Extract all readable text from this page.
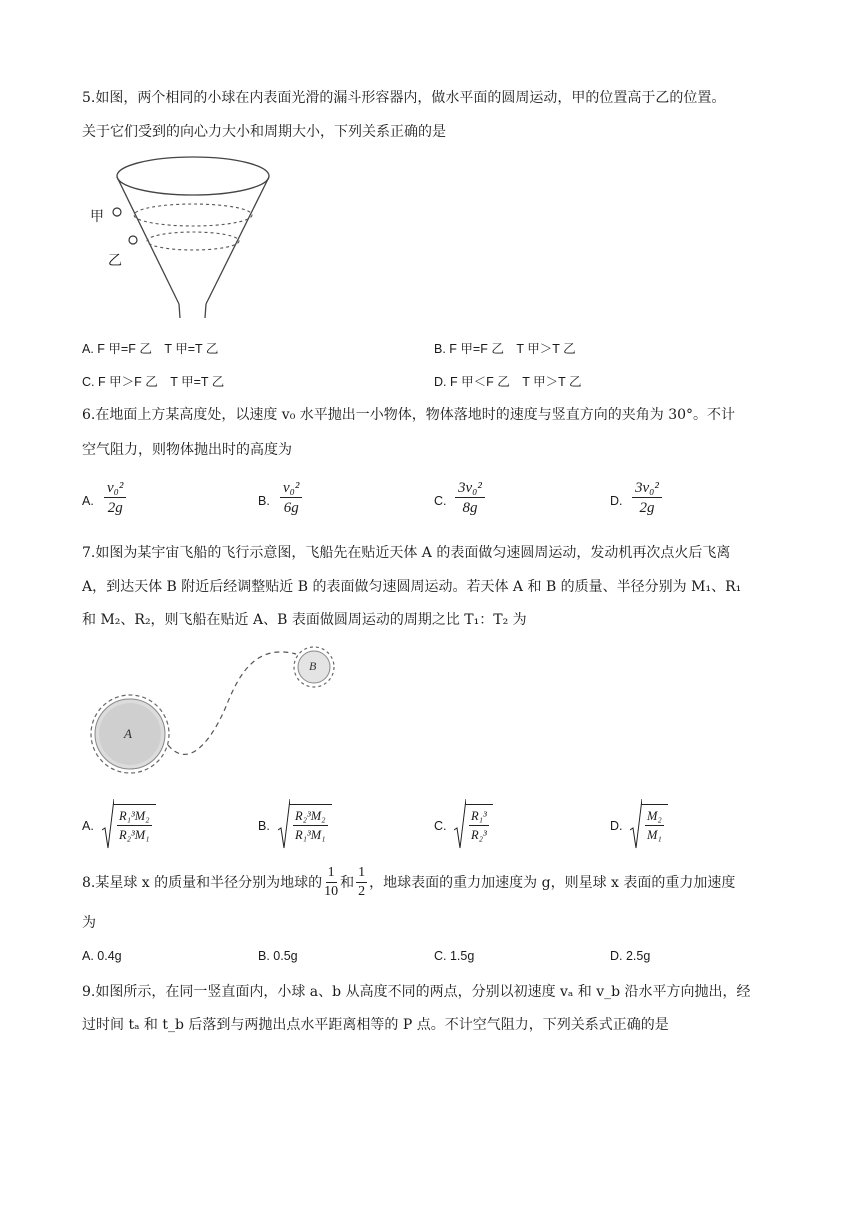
5.如图，两个相同的小球在内表面光滑的漏斗形容器内，做水平面的圆周运动，甲的位置高于乙的位置。
关于它们受到的向心力大小和周期大小，下列关系正确的是
甲
乙
A. F 甲=F 乙　T 甲=T 乙	B. F 甲=F 乙　T 甲＞T 乙
C. F 甲＞F 乙　T 甲=T 乙	D. F 甲＜F 乙　T 甲＞T 乙
6.在地面上方某高度处，以速度 v₀ 水平抛出一小物体，物体落地时的速度与竖直方向的夹角为 30°。不计
空气阻力，则物体抛出时的高度为
A. $\frac{\text{v₀²}}{2g}$	B. $\frac{\text{v₀²}}{6g}$	C. $\frac{\text{3v₀²}}{8g}$	D. $\frac{\text{3v₀²}}{2g}$
7.如图为某宇宙飞船的飞行示意图，飞船先在贴近天体 A 的表面做匀速圆周运动，发动机再次点火后飞离
A，到达天体 B 附近后经调整贴近 B 的表面做匀速圆周运动。若天体 A 和 B 的质量、半径分别为 M₁、R₁
和 M₂、R₂，则飞船在贴近 A、B 表面做圆周运动的周期之比 T₁：T₂ 为
A
B
A. $\frac{\text{R₁³M₂}}{\text{R₂³M₁}}$	B. $\frac{\text{R₂³M₂}}{\text{R₁³M₁}}$	C. $\frac{\text{R₁³}}{\text{R₂³}}$	D. $\frac{\text{M₂}}{\text{M₁}}$
8.某星球 x 的质量和半径分别为地球的 $\frac{1}{10}$ 和 $\frac{1}{2}$ ，地球表面的重力加速度为 g，则星球 x 表面的重力加速度
为
A. 0.4g	B. 0.5g	C. 1.5g	D. 2.5g
9.如图所示，在同一竖直面内，小球 a、b 从高度不同的两点，分别以初速度 vₐ 和 v_b 沿水平方向抛出，经
过时间 tₐ 和 t_b 后落到与两抛出点水平距离相等的 P 点。不计空气阻力，下列关系式正确的是
